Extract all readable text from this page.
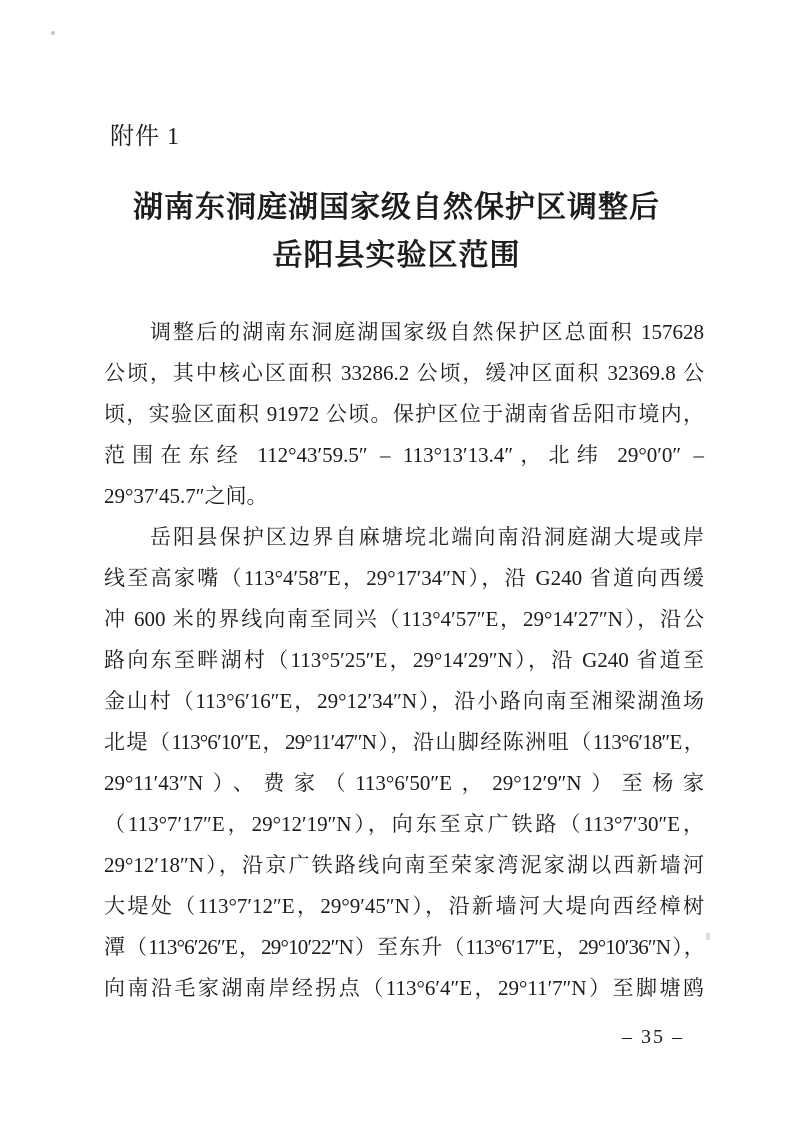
附件 1
湖南东洞庭湖国家级自然保护区调整后
岳阳县实验区范围
调整后的湖南东洞庭湖国家级自然保护区总面积 157628
公顷，其中核心区面积 33286.2 公顷，缓冲区面积 32369.8 公
顷，实验区面积 91972 公顷。保护区位于湖南省岳阳市境内，
范围在东经 112°43′59.5″ – 113°13′13.4″，北纬 29°0′0″ –
29°37′45.7″之间。
岳阳县保护区边界自麻塘垸北端向南沿洞庭湖大堤或岸
线至高家嘴（113°4′58″E，29°17′34″N），沿 G240 省道向西缓
冲 600 米的界线向南至同兴（113°4′57″E，29°14′27″N），沿公
路向东至畔湖村（113°5′25″E，29°14′29″N），沿 G240 省道至
金山村（113°6′16″E，29°12′34″N），沿小路向南至湘梁湖渔场
北堤（113°6′10″E，29°11′47″N），沿山脚经陈洲咀（113°6′18″E，
29°11′43″N）、费家（113°6′50″E，29°12′9″N）至杨家
（113°7′17″E，29°12′19″N），向东至京广铁路（113°7′30″E，
29°12′18″N），沿京广铁路线向南至荣家湾泥家湖以西新墙河
大堤处（113°7′12″E，29°9′45″N），沿新墙河大堤向西经樟树
潭（113°6′26″E，29°10′22″N）至东升（113°6′17″E，29°10′36″N），
向南沿毛家湖南岸经拐点（113°6′4″E，29°11′7″N）至脚塘鸥
– 35 –
